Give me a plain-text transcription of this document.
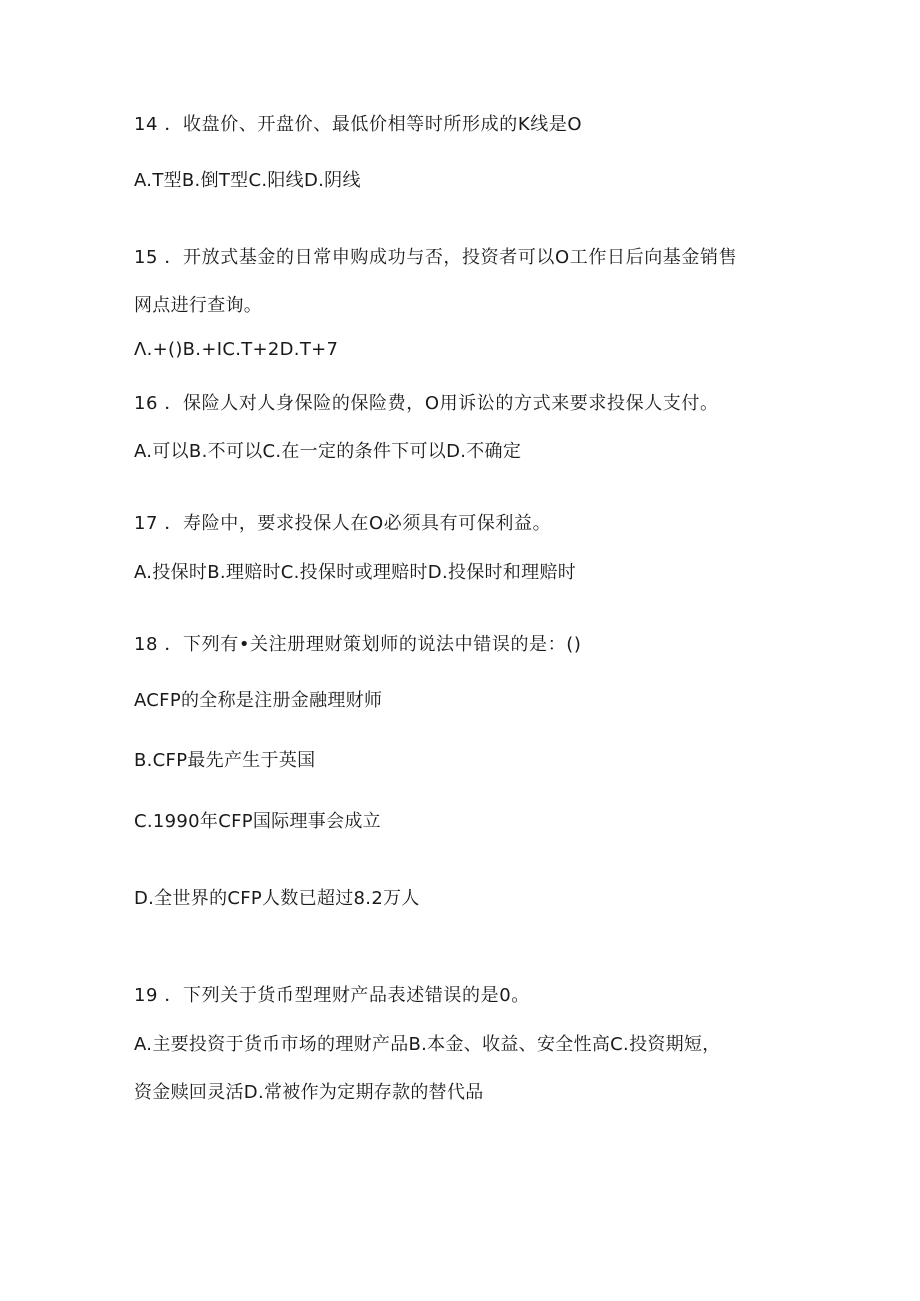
14 ．收盘价、开盘价、最低价相等时所形成的K线是O
A.T型B.倒T型C.阳线D.阴线
15 ．开放式基金的日常申购成功与否，投资者可以O工作日后向基金销售
网点进行查询。
Λ.+()B.+IC.T+2D.T+7
16 ．保险人对人身保险的保险费，O用诉讼的方式来要求投保人支付。
A.可以B.不可以C.在一定的条件下可以D.不确定
17 ．寿险中，要求投保人在O必须具有可保利益。
A.投保时B.理赔时C.投保时或理赔时D.投保时和理赔时
18 ．下列有•关注册理财策划师的说法中错误的是：()
ACFP的全称是注册金融理财师
B.CFP最先产生于英国
C.1990年CFP国际理事会成立
D.全世界的CFP人数已超过8.2万人
19 ．下列关于货币型理财产品表述错误的是0。
A.主要投资于货币市场的理财产品B.本金、收益、安全性高C.投资期短，
资金赎回灵活D.常被作为定期存款的替代品
